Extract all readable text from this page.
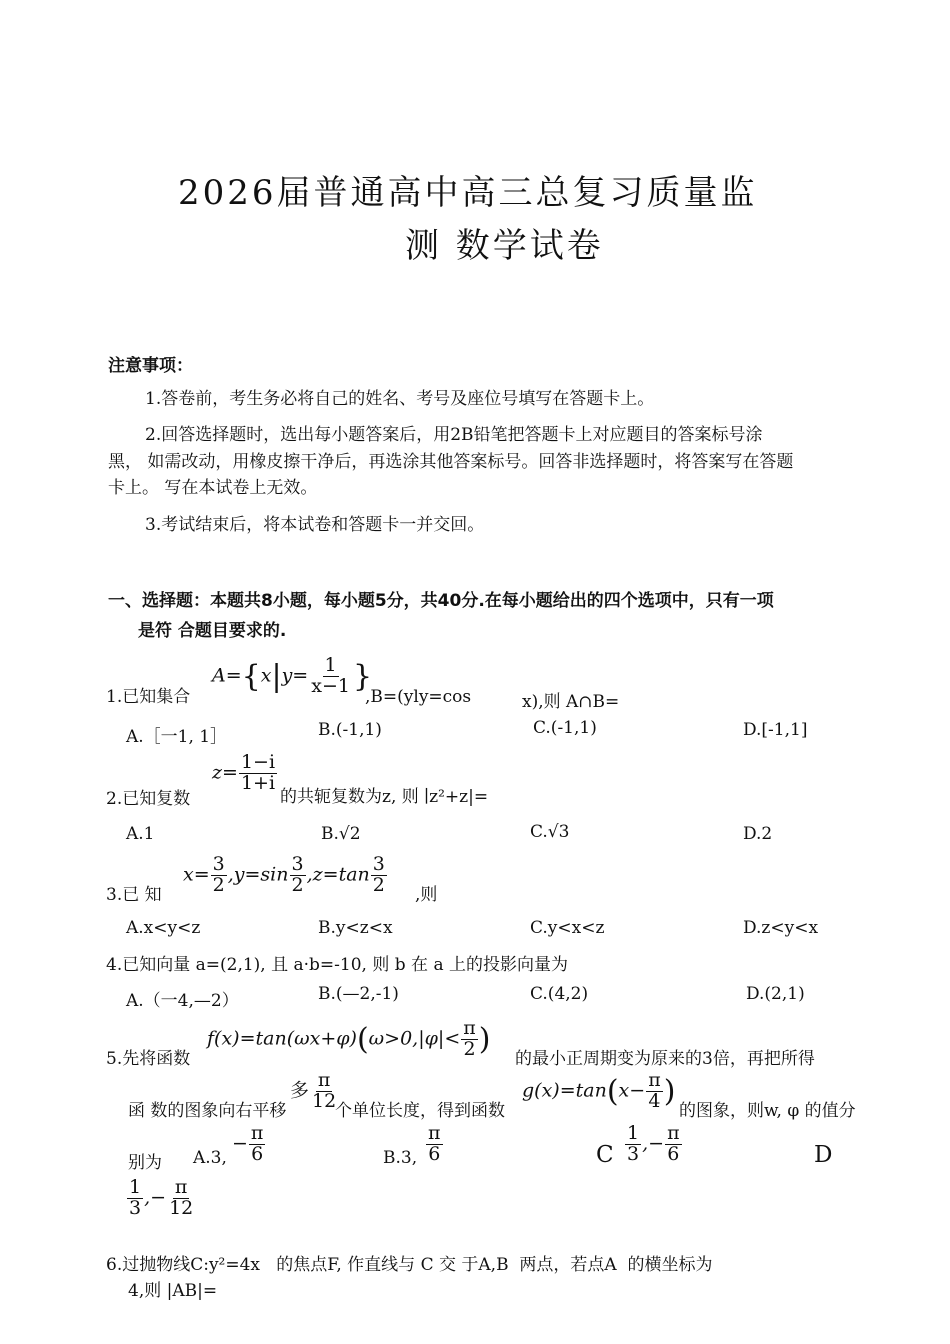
2026届普通高中高三总复习质量监
测 数学试卷
注意事项：
1.答卷前，考生务必将自己的姓名、考号及座位号填写在答题卡上。
2.回答选择题时，选出每小题答案后，用2B铅笔把答题卡上对应题目的答案标号涂
黑， 如需改动，用橡皮擦干净后，再选涂其他答案标号。回答非选择题时，将答案写在答题
卡上。 写在本试卷上无效。
3.考试结束后，将本试卷和答题卡一并交回。
一、选择题：本题共8小题，每小题5分，共40分.在每小题给出的四个选项中，只有一项
是符 合题目要求的.
1.已知集合
$A=\{x|y= \frac{1}{x-1}$ }
,B=(yly=cos	x),则 A∩B=
A.［一1, 1］	B.(-1,1)	C.(-1,1)	D.[-1,1]
2.已知复数
$z= \frac{1-i}{1+i}$
的共轭复数为z, 则 ∣z²+z|=
A.1	B.√2	C.√3	D.2
3.已 知
$x= \frac{3}{2} ,y=\sin \frac{3}{2} ,z=\tan \frac{3}{2}$ ,则
A.x<y<z	B.y<z<x	C.y<x<z	D.z<y<x
4.已知向量 a=(2,1), 且 a·b=-10, 则 b 在 a 上的投影向量为
A.（一4,—2）	B.(—2,-1)	C.(4,2)	D.(2,1)
5.先将函数
$f(x)=\tan(\omega x+\varphi)(\omega>0,|\varphi|< \frac{\pi}{2}$ )
的最小正周期变为原来的3倍，再把所得
函 数的图象向右平移
多 $\frac{\pi}{12}$
个单位长度，得到函数
$g(x)=\tan(x- \frac{\pi}{4}$ )
的图象，则w, φ 的值分
别为 A.3,
− $\frac{\pi}{6}$	B.3, $\frac{\pi}{6}$	C $\frac{1}{3}$ ,− $\frac{\pi}{6}$	D
$\frac{1}{3}$ ,− $\frac{\pi}{12}$
6.过抛物线C:y²=4x   的焦点F, 作直线与 C 交 于A,B  两点，若点A  的横坐标为
4,则 |AB|=
